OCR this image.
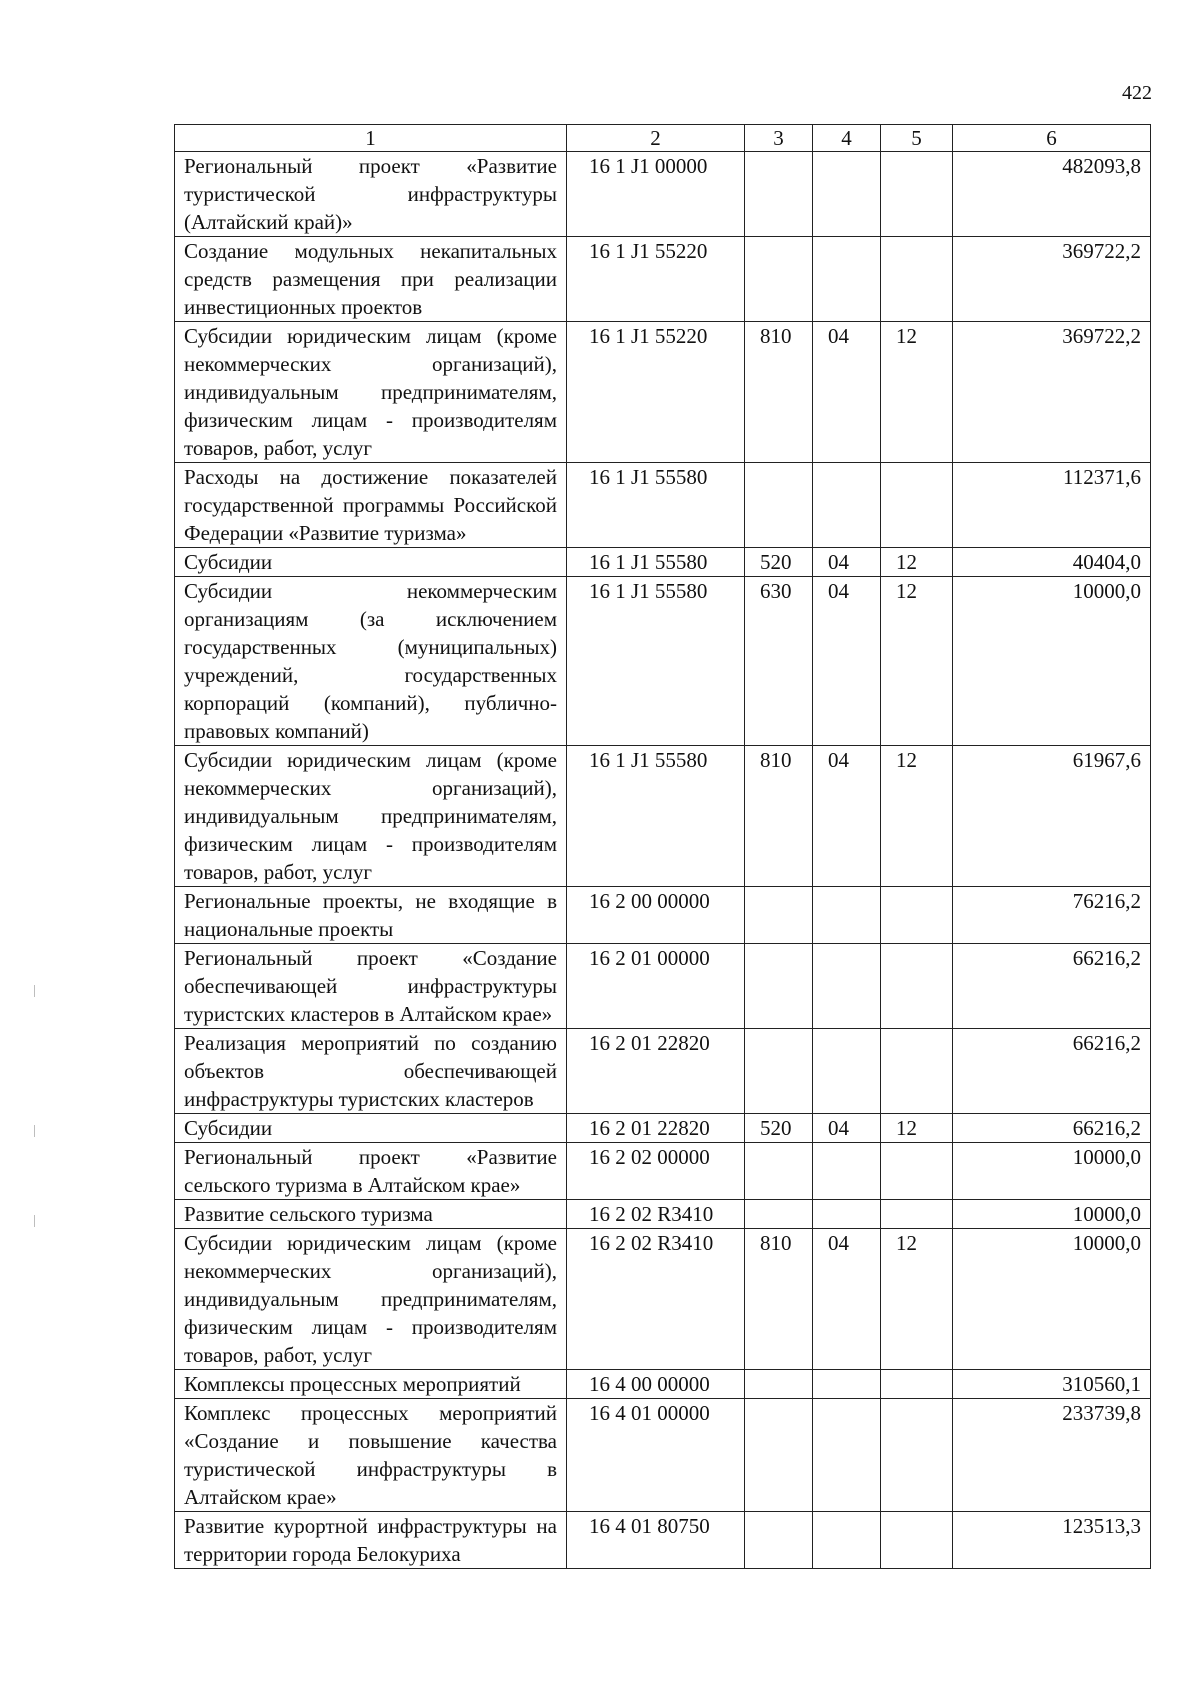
422
1	2	3	4	5	6
Региональный проект «Развитие туристической инфраструктуры (Алтайский край)»	16 1 J1 00000				482093,8
Создание модульных некапитальных средств размещения при реализации инвестиционных проектов	16 1 J1 55220				369722,2
Субсидии юридическим лицам (кроме некоммерческих организаций), индивидуальным предпринимателям, физическим лицам - производителям товаров, работ, услуг	16 1 J1 55220	810	04	12	369722,2
Расходы на достижение показателей государственной программы Российской Федерации «Развитие туризма»	16 1 J1 55580				112371,6
Субсидии	16 1 J1 55580	520	04	12	40404,0
Субсидии некоммерческим организациям (за исключением государственных (муниципальных) учреждений, государственных корпораций (компаний), публично-правовых компаний)	16 1 J1 55580	630	04	12	10000,0
Субсидии юридическим лицам (кроме некоммерческих организаций), индивидуальным предпринимателям, физическим лицам - производителям товаров, работ, услуг	16 1 J1 55580	810	04	12	61967,6
Региональные проекты, не входящие в национальные проекты	16 2 00 00000				76216,2
Региональный проект «Создание обеспечивающей инфраструктуры туристских кластеров в Алтайском крае»	16 2 01 00000				66216,2
Реализация мероприятий по созданию объектов обеспечивающей инфраструктуры туристских кластеров	16 2 01 22820				66216,2
Субсидии	16 2 01 22820	520	04	12	66216,2
Региональный проект «Развитие сельского туризма в Алтайском крае»	16 2 02 00000				10000,0
Развитие сельского туризма	16 2 02 R3410				10000,0
Субсидии юридическим лицам (кроме некоммерческих организаций), индивидуальным предпринимателям, физическим лицам - производителям товаров, работ, услуг	16 2 02 R3410	810	04	12	10000,0
Комплексы процессных мероприятий	16 4 00 00000				310560,1
Комплекс процессных мероприятий «Создание и повышение качества туристической инфраструктуры в Алтайском крае»	16 4 01 00000				233739,8
Развитие курортной инфраструктуры на территории города Белокуриха	16 4 01 80750				123513,3
